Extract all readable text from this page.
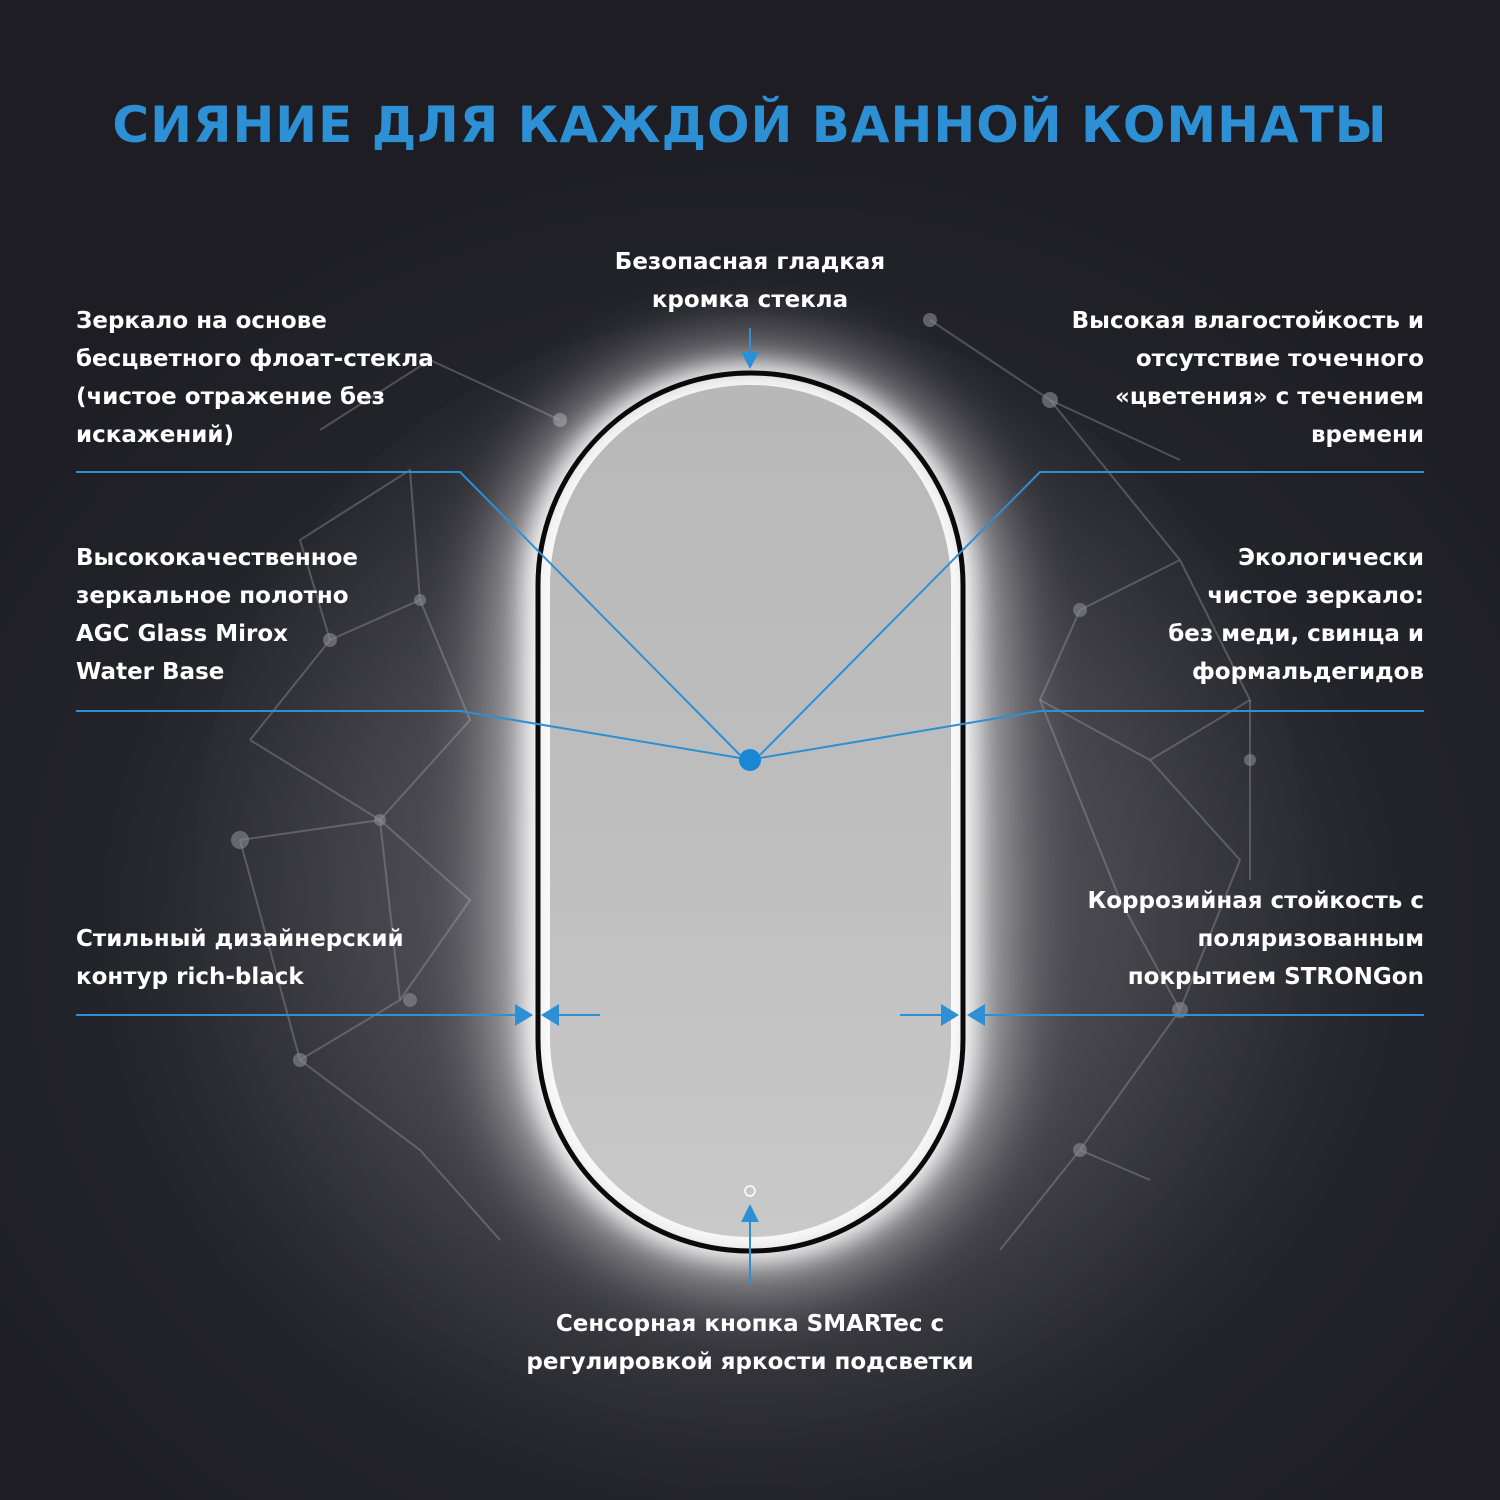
СИЯНИЕ ДЛЯ КАЖДОЙ ВАННОЙ КОМНАТЫ
Безопасная гладкая
кромка стекла
Зеркало на основе
бесцветного флоат-стекла
(чистое отражение без
искажений)
Высококачественное
зеркальное полотно
AGC Glass Mirox
Water Base
Стильный дизайнерский
контур rich-black
Высокая влагостойкость и
отсутствие точечного
«цветения» с течением
времени
Экологически
чистое зеркало:
без меди, свинца и
формальдегидов
Коррозийная стойкость с
поляризованным
покрытием STRONGon
Сенсорная кнопка SMARTec с
регулировкой яркости подсветки
